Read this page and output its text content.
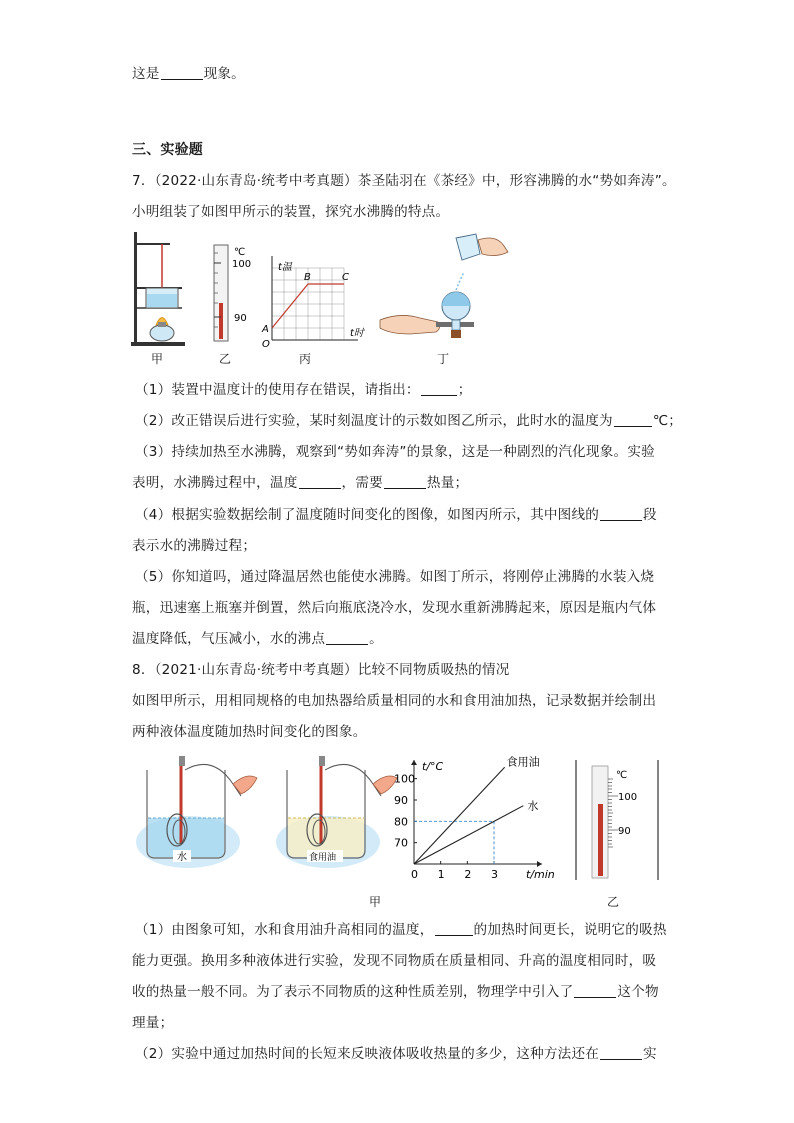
这是	现象。
三、实验题
7．（2022·山东青岛·统考中考真题）茶圣陆羽在《茶经》中，形容沸腾的水“势如奔涛”。
小明组装了如图甲所示的装置，探究水沸腾的特点。
甲
℃
100
90
乙
t温
t时
O
A
B	C
丙	丁
（1）装置中温度计的使用存在错误，请指出：	；
（2）改正错误后进行实验，某时刻温度计的示数如图乙所示，此时水的温度为	℃；
（3）持续加热至水沸腾，观察到“势如奔涛”的景象，这是一种剧烈的汽化现象。实验
表明，水沸腾过程中，温度	，需要	热量；
（4）根据实验数据绘制了温度随时间变化的图像，如图丙所示，其中图线的	段
表示水的沸腾过程；
（5）你知道吗，通过降温居然也能使水沸腾。如图丁所示，将刚停止沸腾的水装入烧
瓶，迅速塞上瓶塞并倒置，然后向瓶底浇冷水，发现水重新沸腾起来，原因是瓶内气体
温度降低，气压减小，水的沸点	。
8．（2021·山东青岛·统考中考真题）比较不同物质吸热的情况
如图甲所示，用相同规格的电加热器给质量相同的水和食用油加热，记录数据并绘制出
两种液体温度随加热时间变化的图象。
水	食用油
0 1 2 3
70
80
90
100
食用油
水
t/°C
t/min
甲
℃
100
90
乙
（1）由图象可知，水和食用油升高相同的温度，	的加热时间更长，说明它的吸热
能力更强。换用多种液体进行实验，发现不同物质在质量相同、升高的温度相同时，吸
收的热量一般不同。为了表示不同物质的这种性质差别，物理学中引入了	这个物
理量；
（2）实验中通过加热时间的长短来反映液体吸收热量的多少，这种方法还在	实
